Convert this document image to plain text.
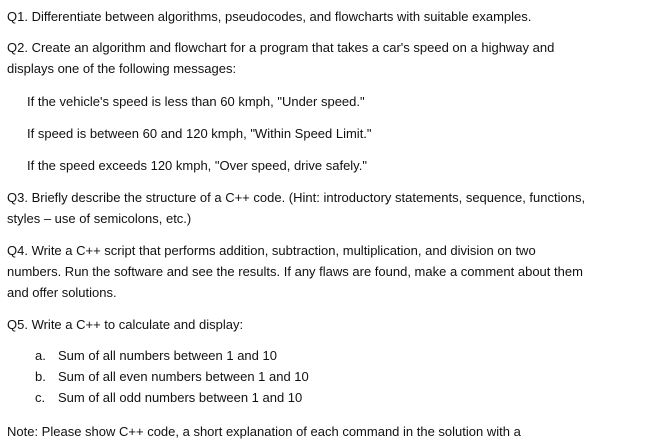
Q1. Differentiate between algorithms, pseudocodes, and flowcharts with suitable examples.
Q2. Create an algorithm and flowchart for a program that takes a car's speed on a highway and
displays one of the following messages:
If the vehicle's speed is less than 60 kmph, "Under speed."
If speed is between 60 and 120 kmph, "Within Speed Limit."
If the speed exceeds 120 kmph, "Over speed, drive safely."
Q3. Briefly describe the structure of a C++ code. (Hint: introductory statements, sequence, functions,
styles – use of semicolons, etc.)
Q4. Write a C++ script that performs addition, subtraction, multiplication, and division on two
numbers. Run the software and see the results. If any flaws are found, make a comment about them
and offer solutions.
Q5. Write a C++ to calculate and display:
a. Sum of all numbers between 1 and 10
b. Sum of all even numbers between 1 and 10
c. Sum of all odd numbers between 1 and 10
Note: Please show C++ code, a short explanation of each command in the solution with a
